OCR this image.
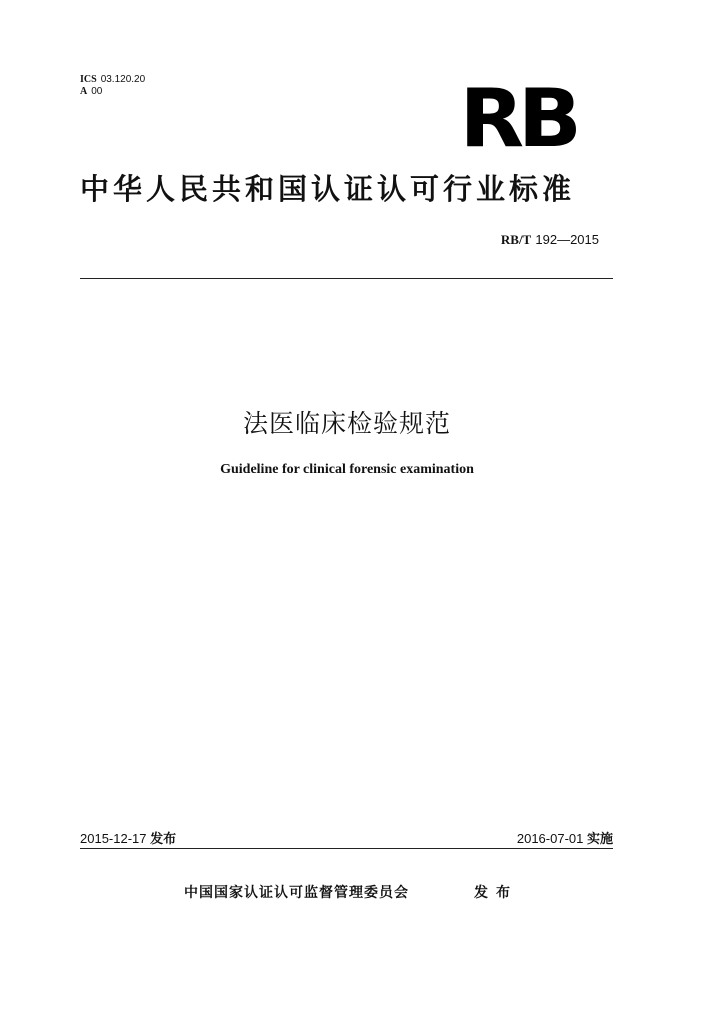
ICS 03.120.20
A 00	RB
中华人民共和国认证认可行业标准
RB/T 192—2015
法医临床检验规范
Guideline for clinical forensic examination
2015-12-17 发布	2016-07-01 实施
中国国家认证认可监督管理委员会	发布
